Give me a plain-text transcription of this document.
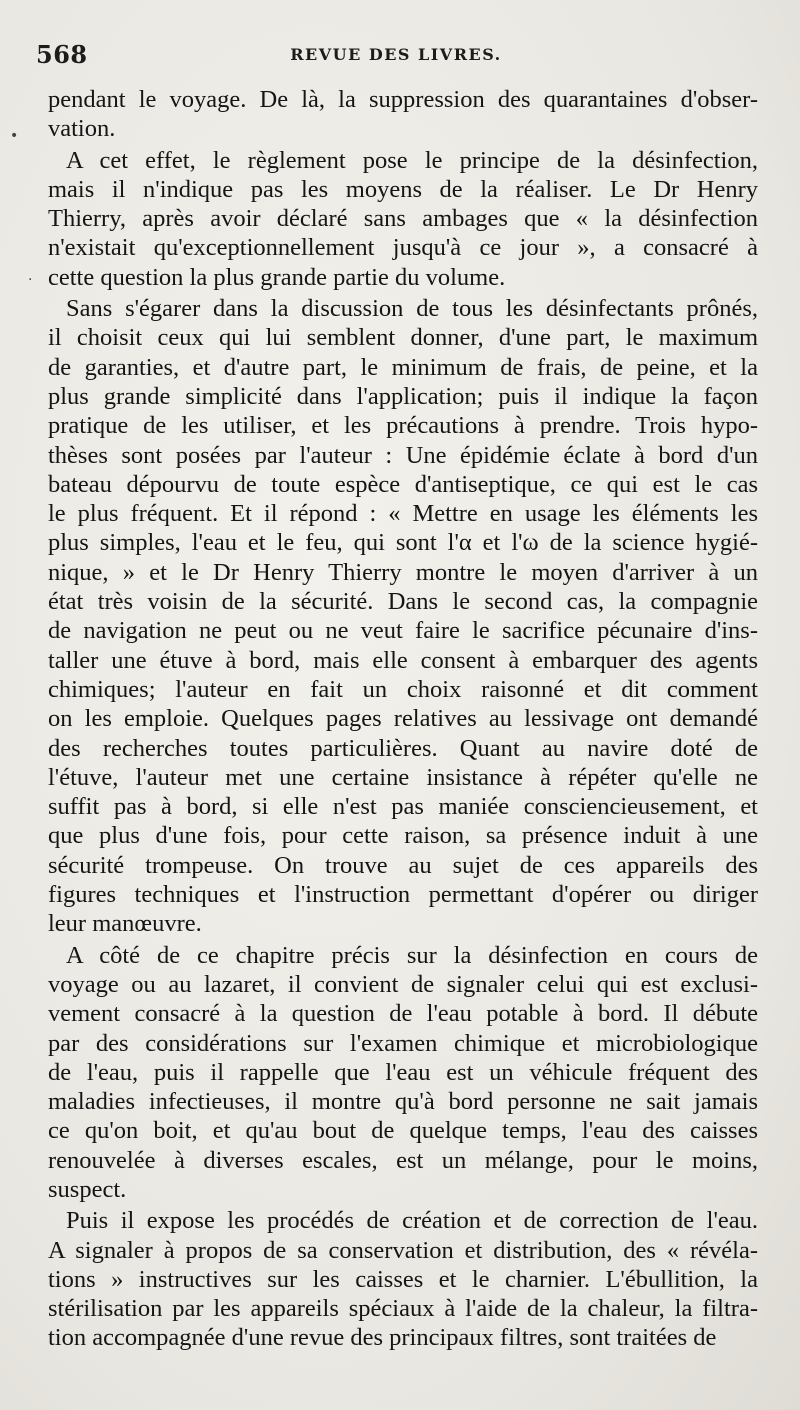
568	REVUE DES LIVRES.
•
·
pendant le voyage. De là, la suppression des quarantaines d'obser-
vation.
A cet effet, le règlement pose le principe de la désinfection,
mais il n'indique pas les moyens de la réaliser. Le Dr Henry
Thierry, après avoir déclaré sans ambages que « la désinfection
n'existait qu'exceptionnellement jusqu'à ce jour », a consacré à
cette question la plus grande partie du volume.
Sans s'égarer dans la discussion de tous les désinfectants prônés,
il choisit ceux qui lui semblent donner, d'une part, le maximum
de garanties, et d'autre part, le minimum de frais, de peine, et la
plus grande simplicité dans l'application; puis il indique la façon
pratique de les utiliser, et les précautions à prendre. Trois hypo-
thèses sont posées par l'auteur : Une épidémie éclate à bord d'un
bateau dépourvu de toute espèce d'antiseptique, ce qui est le cas
le plus fréquent. Et il répond : « Mettre en usage les éléments les
plus simples, l'eau et le feu, qui sont l'α et l'ω de la science hygié-
nique, » et le Dr Henry Thierry montre le moyen d'arriver à un
état très voisin de la sécurité. Dans le second cas, la compagnie
de navigation ne peut ou ne veut faire le sacrifice pécunaire d'ins-
taller une étuve à bord, mais elle consent à embarquer des agents
chimiques; l'auteur en fait un choix raisonné et dit comment
on les emploie. Quelques pages relatives au lessivage ont demandé
des recherches toutes particulières. Quant au navire doté de
l'étuve, l'auteur met une certaine insistance à répéter qu'elle ne
suffit pas à bord, si elle n'est pas maniée consciencieusement, et
que plus d'une fois, pour cette raison, sa présence induit à une
sécurité trompeuse. On trouve au sujet de ces appareils des
figures techniques et l'instruction permettant d'opérer ou diriger
leur manœuvre.
A côté de ce chapitre précis sur la désinfection en cours de
voyage ou au lazaret, il convient de signaler celui qui est exclusi-
vement consacré à la question de l'eau potable à bord. Il débute
par des considérations sur l'examen chimique et microbiologique
de l'eau, puis il rappelle que l'eau est un véhicule fréquent des
maladies infectieuses, il montre qu'à bord personne ne sait jamais
ce qu'on boit, et qu'au bout de quelque temps, l'eau des caisses
renouvelée à diverses escales, est un mélange, pour le moins,
suspect.
Puis il expose les procédés de création et de correction de l'eau.
A signaler à propos de sa conservation et distribution, des « révéla-
tions » instructives sur les caisses et le charnier. L'ébullition, la
stérilisation par les appareils spéciaux à l'aide de la chaleur, la filtra-
tion accompagnée d'une revue des principaux filtres, sont traitées de
